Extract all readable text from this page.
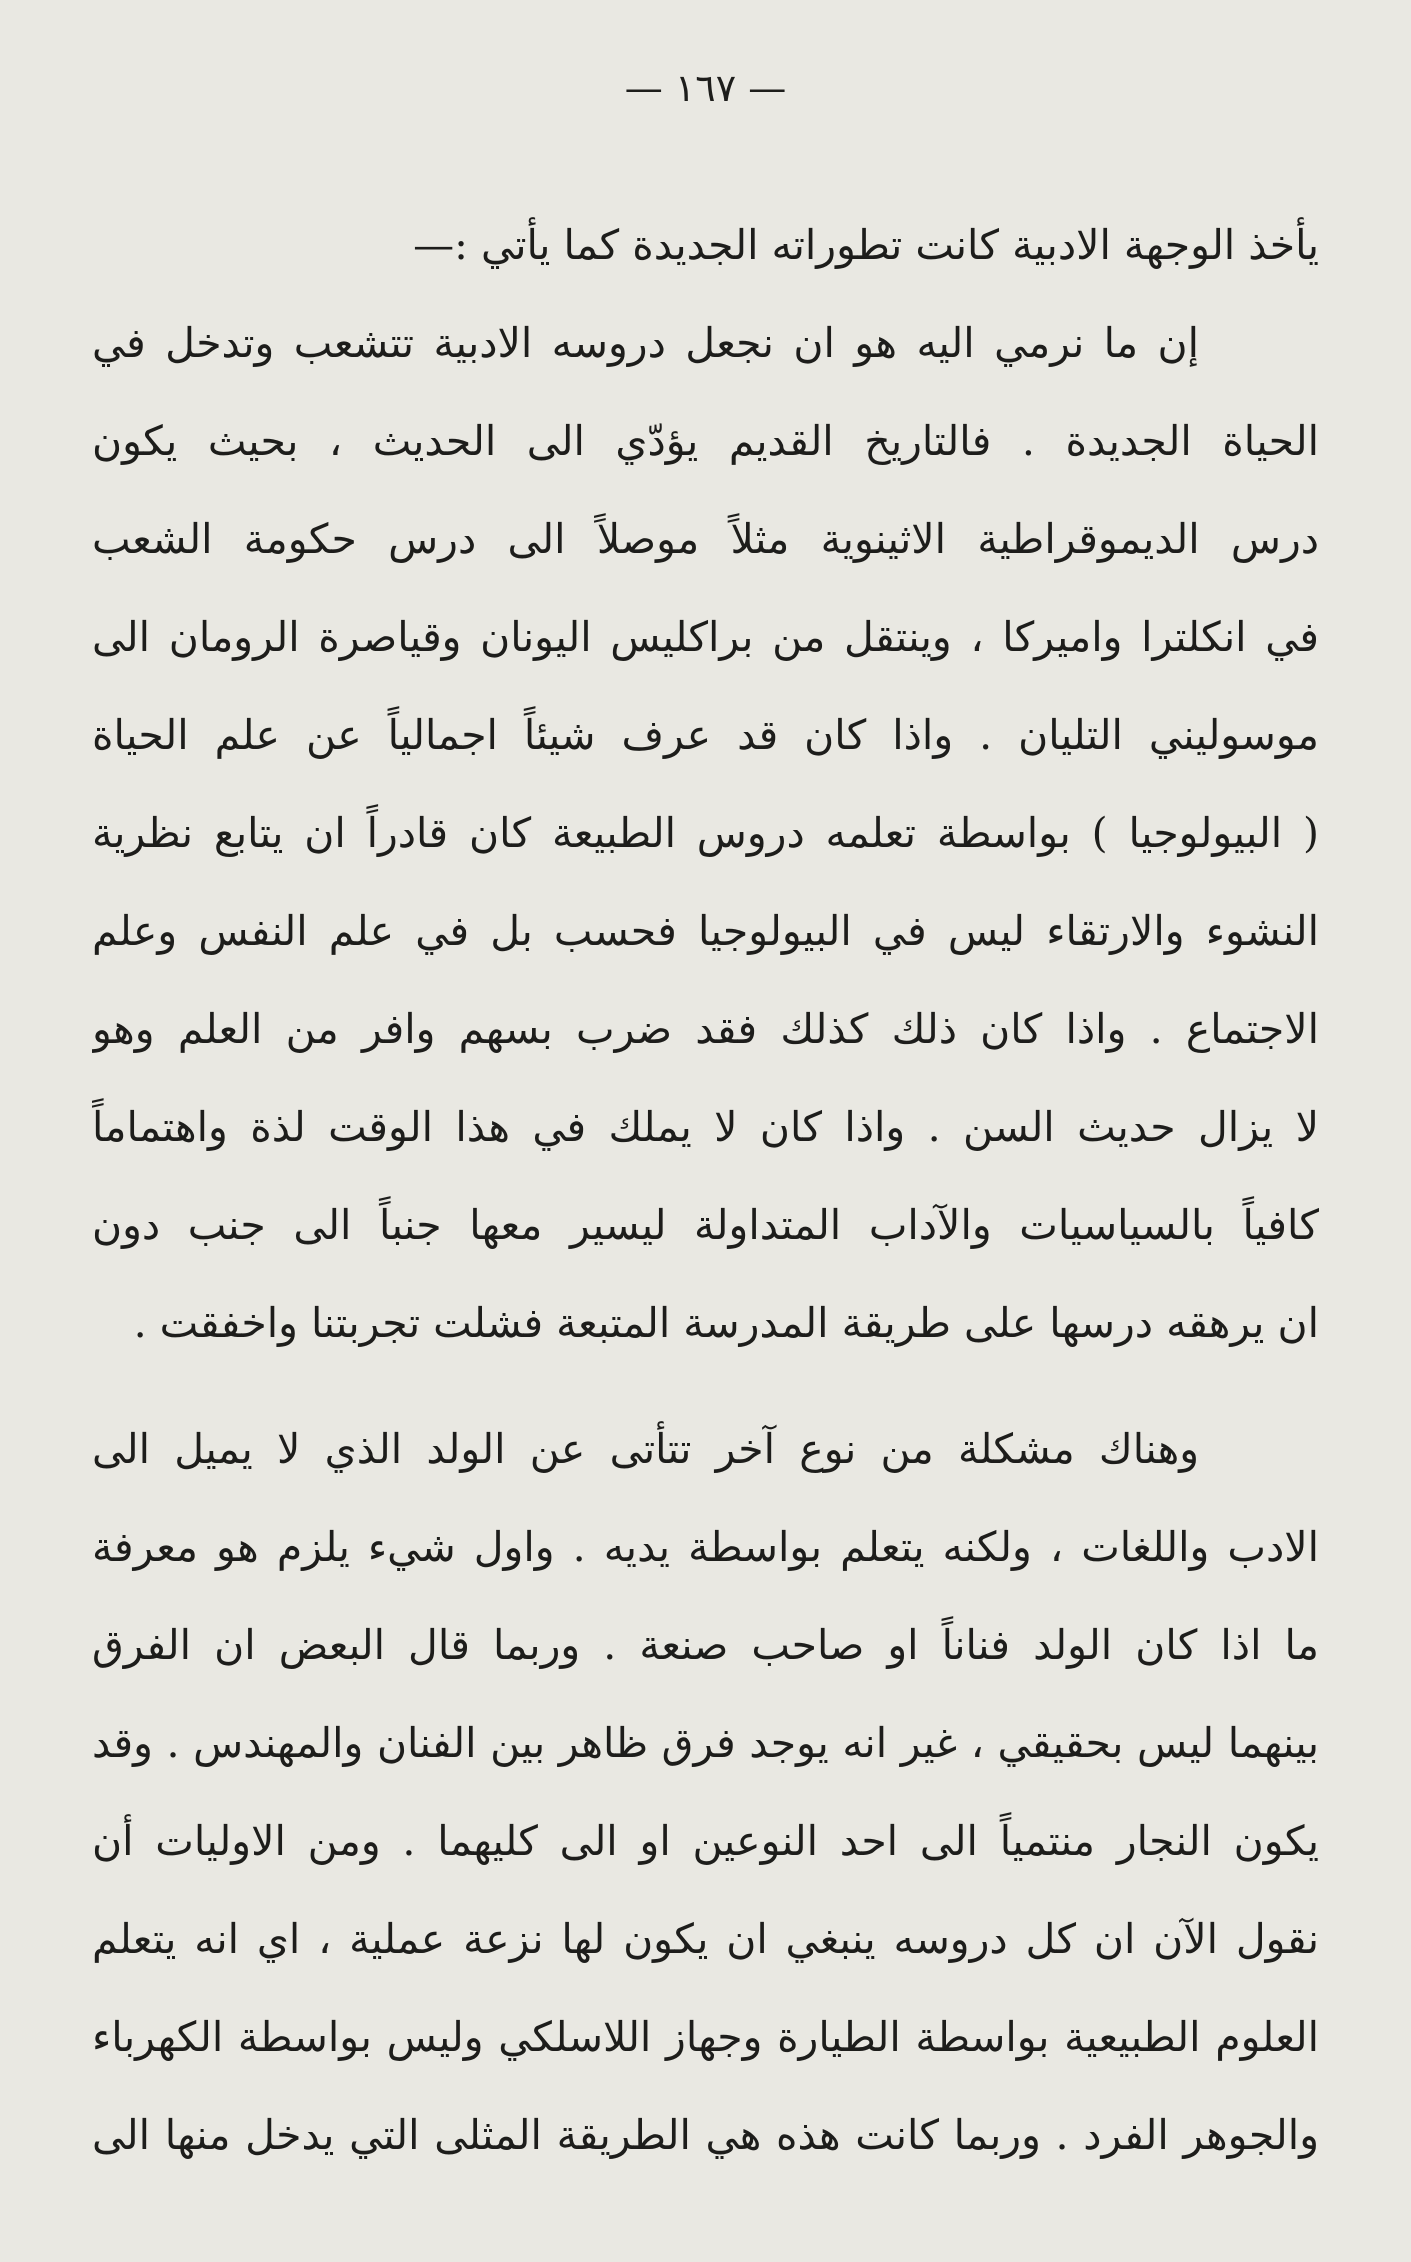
— ١٦٧ —
يأخذ الوجهة الادبية كانت تطوراته الجديدة كما يأتي :—
إن ما نرمي اليه هو ان نجعل دروسه الادبية تتشعب وتدخل في
الحياة الجديدة . فالتاريخ القديم يؤدّي الى الحديث ، بحيث يكون
درس الديموقراطية الاثينوية مثلاً موصلاً الى درس حكومة الشعب
في انكلترا واميركا ، وينتقل من براكليس اليونان وقياصرة الرومان الى
موسوليني التليان . واذا كان قد عرف شيئاً اجمالياً عن علم الحياة
( البيولوجيا ) بواسطة تعلمه دروس الطبيعة كان قادراً ان يتابع نظرية
النشوء والارتقاء ليس في البيولوجيا فحسب بل في علم النفس وعلم
الاجتماع . واذا كان ذلك كذلك فقد ضرب بسهم وافر من العلم وهو
لا يزال حديث السن . واذا كان لا يملك في هذا الوقت لذة واهتماماً
كافياً بالسياسيات والآداب المتداولة ليسير معها جنباً الى جنب دون
ان يرهقه درسها على طريقة المدرسة المتبعة فشلت تجربتنا واخفقت .
وهناك مشكلة من نوع آخر تتأتى عن الولد الذي لا يميل الى
الادب واللغات ، ولكنه يتعلم بواسطة يديه . واول شيء يلزم هو معرفة
ما اذا كان الولد فناناً او صاحب صنعة . وربما قال البعض ان الفرق
بينهما ليس بحقيقي ، غير انه يوجد فرق ظاهر بين الفنان والمهندس . وقد
يكون النجار منتمياً الى احد النوعين او الى كليهما . ومن الاوليات أن
نقول الآن ان كل دروسه ينبغي ان يكون لها نزعة عملية ، اي انه يتعلم
العلوم الطبيعية بواسطة الطيارة وجهاز اللاسلكي وليس بواسطة الكهرباء
والجوهر الفرد . وربما كانت هذه هي الطريقة المثلى التي يدخل منها الى
